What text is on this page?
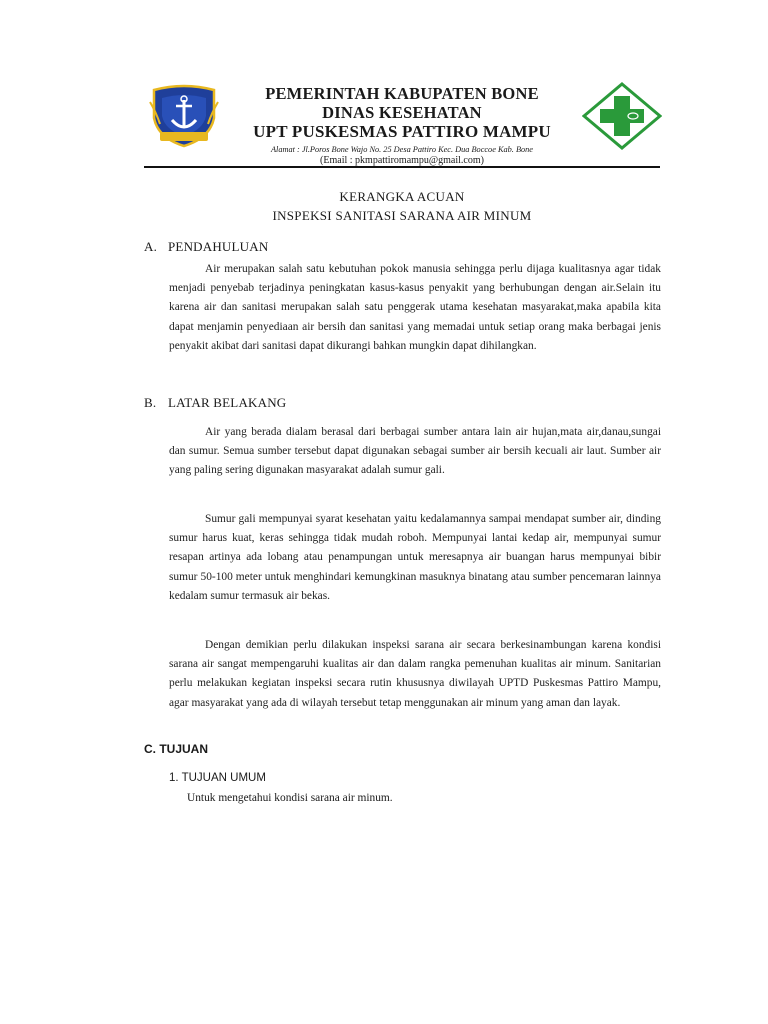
PEMERINTAH KABUPATEN BONE
DINAS KESEHATAN
UPT PUSKESMAS PATTIRO MAMPU
Alamat : Jl.Poros Bone Wajo No. 25 Desa Pattiro Kec. Dua Boccoe Kab. Bone
(Email : pkmpattiromampu@gmail.com)
KERANGKA ACUAN
INSPEKSI SANITASI SARANA AIR MINUM
A. PENDAHULUAN
Air merupakan salah satu kebutuhan pokok manusia sehingga perlu dijaga kualitasnya agar tidak menjadi penyebab terjadinya peningkatan kasus-kasus penyakit yang berhubungan dengan air.Selain itu karena air dan sanitasi merupakan salah satu penggerak utama kesehatan masyarakat,maka apabila kita dapat menjamin penyediaan air bersih dan sanitasi yang memadai untuk setiap orang maka berbagai jenis penyakit akibat dari sanitasi dapat dikurangi bahkan mungkin dapat dihilangkan.
B. LATAR BELAKANG
Air yang berada dialam berasal dari berbagai sumber antara lain air hujan,mata air,danau,sungai dan sumur. Semua sumber tersebut dapat digunakan sebagai sumber air bersih kecuali air laut. Sumber air yang paling sering digunakan masyarakat adalah sumur gali.
Sumur gali mempunyai syarat kesehatan yaitu kedalamannya sampai mendapat sumber air, dinding sumur harus kuat, keras sehingga tidak mudah roboh. Mempunyai lantai kedap air, mempunyai sumur resapan artinya ada lobang atau penampungan untuk meresapnya air buangan harus mempunyai bibir sumur 50-100 meter untuk menghindari kemungkinan masuknya binatang atau sumber pencemaran lainnya kedalam sumur termasuk air bekas.
Dengan demikian perlu dilakukan inspeksi sarana air secara berkesinambungan karena kondisi sarana air sangat mempengaruhi kualitas air dan dalam rangka pemenuhan kualitas air minum. Sanitarian perlu melakukan kegiatan inspeksi secara rutin khususnya diwilayah UPTD Puskesmas Pattiro Mampu, agar masyarakat yang ada di wilayah tersebut tetap menggunakan air minum yang aman dan layak.
C. TUJUAN
1. TUJUAN UMUM
Untuk mengetahui kondisi sarana air minum.
